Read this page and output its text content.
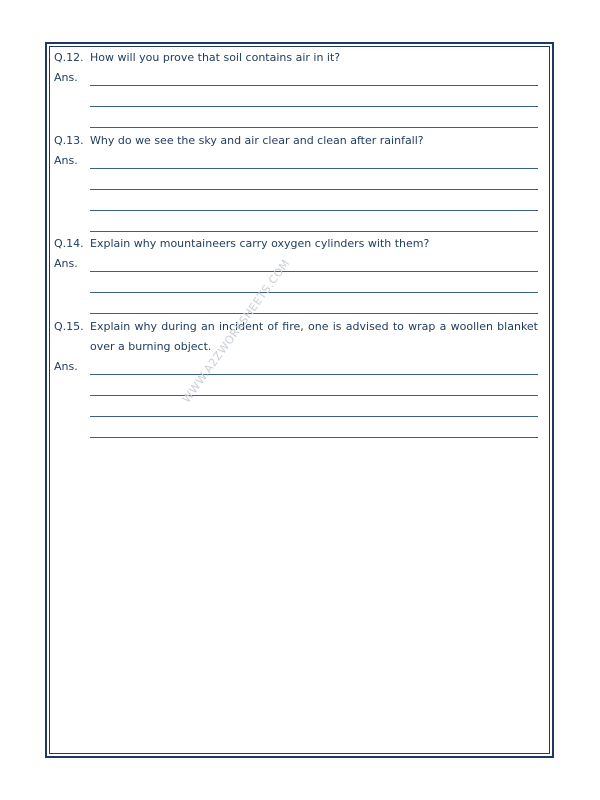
Q.12. How will you prove that soil contains air in it?
Ans.
Q.13. Why do we see the sky and air clear and clean after rainfall?
Ans.
Q.14. Explain why mountaineers carry oxygen cylinders with them?
Ans.
Q.15. Explain why during an incident of fire, one is advised to wrap a woollen blanket over a burning object.
Ans.	WWW.A2ZWORKSHEETS.COM
